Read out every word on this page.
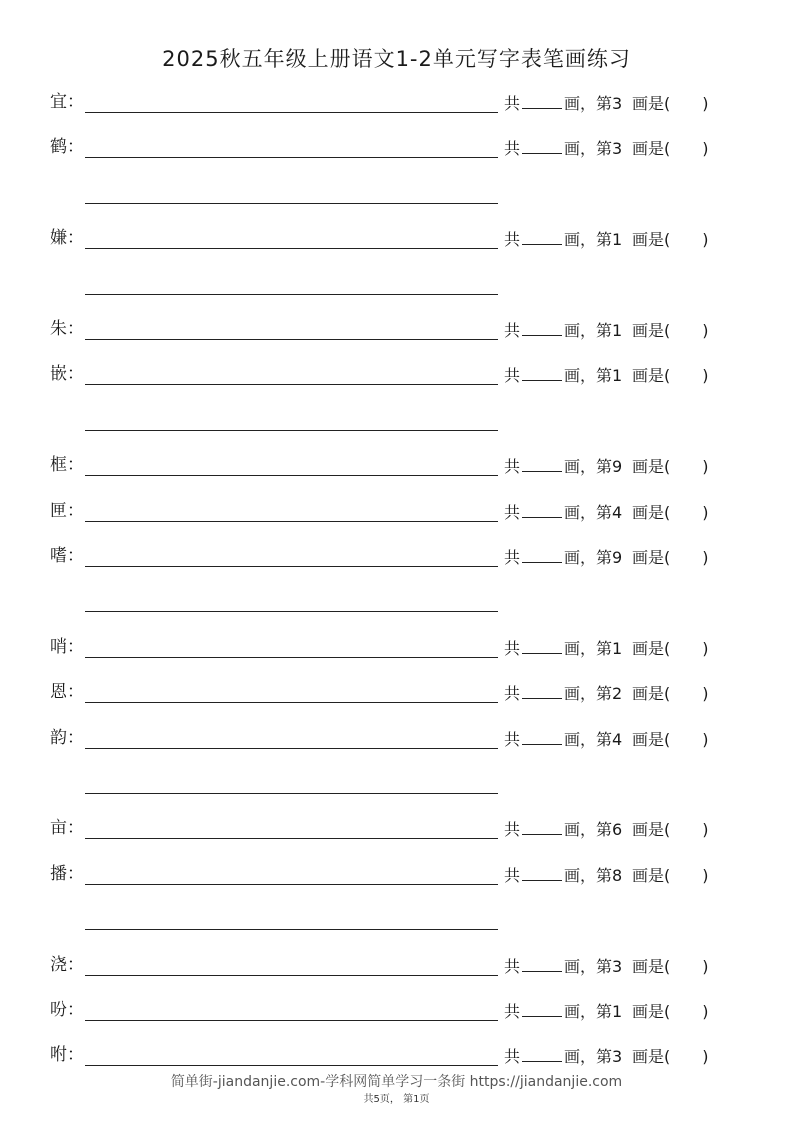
2025秋五年级上册语文1-2单元写字表笔画练习
宜：	共	画，第3 画是( )
鹤：	共	画，第3 画是( )
嫌：	共	画，第1 画是( )
朱：	共	画，第1 画是( )
嵌：	共	画，第1 画是( )
框：	共	画，第9 画是( )
匣：	共	画，第4 画是( )
嗜：	共	画，第9 画是( )
哨：	共	画，第1 画是( )
恩：	共	画，第2 画是( )
韵：	共	画，第4 画是( )
亩：	共	画，第6 画是( )
播：	共	画，第8 画是( )
浇：	共	画，第3 画是( )
吩：	共	画，第1 画是( )
咐：	共	画，第3 画是( )
简单街-jiandanjie.com-学科网简单学习一条街 https://jiandanjie.com
共5页， 第1页
